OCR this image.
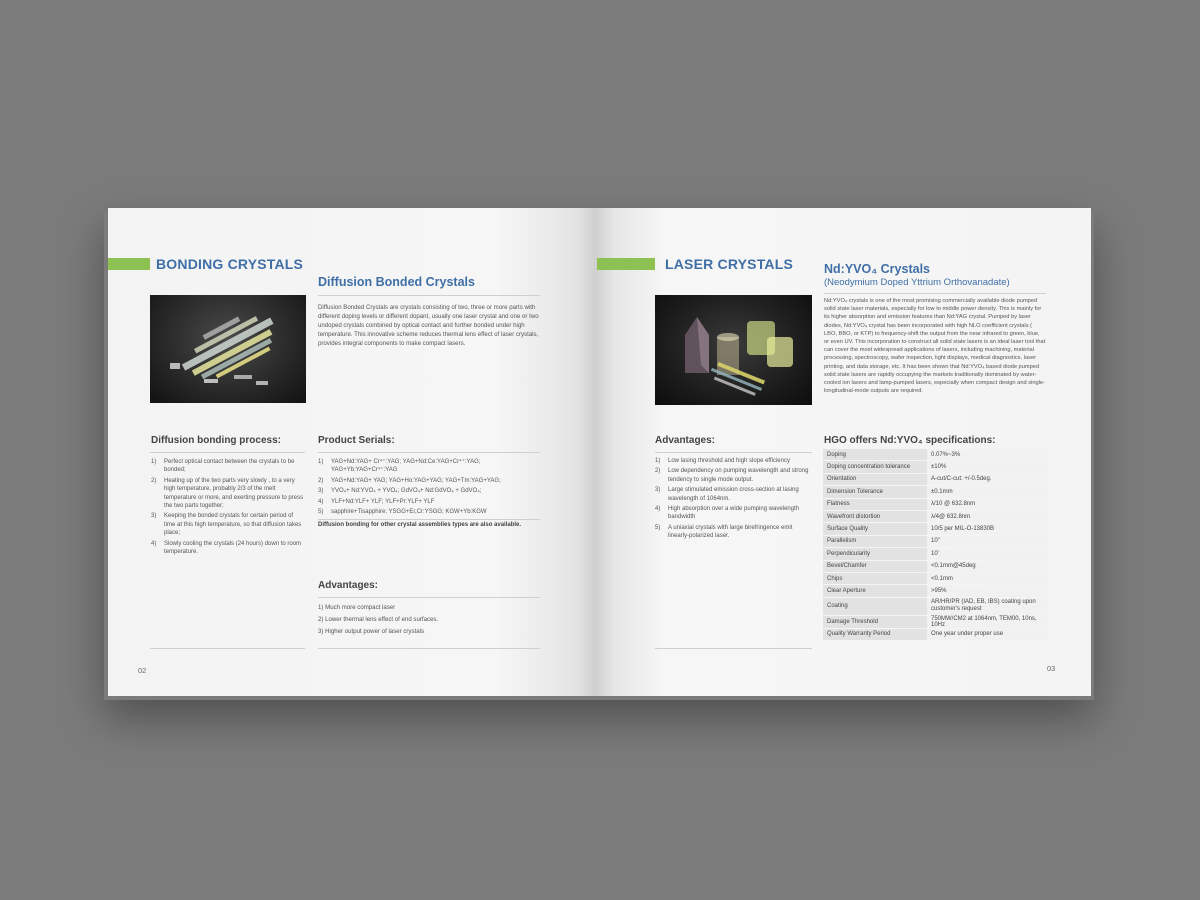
BONDING CRYSTALS
Diffusion Bonded Crystals
Diffusion Bonded Crystals are crystals consisting of two, three or more parts with different doping levels or different dopant, usually one laser crystal and one or two undoped crystals combined by optical contact and further bonded under high temperature. This innovative scheme reduces thermal lens effect of laser crystals, provides integral components to make compact lasers.
Diffusion bonding process:
1) Perfect optical contact between the crystals to be bonded;
2) Heating up of the two parts very slowly , to a very high temperature, probably 2/3 of the melt temperature or more, and exerting pressure to press the two parts together;
3) Keeping the bonded crystals for certain period of time at this high temperature, so that diffusion takes place;
4) Slowly cooling the crystals (24 hours) down to room temperature.
Product Serials:
1) YAG+Nd:YAG+ Cr⁴⁺:YAG; YAG+Nd:Ce:YAG+Cr⁴⁺:YAG; YAG+Yb:YAG+Cr⁴⁺:YAG
2) YAG+Nd:YAG+ YAG; YAG+Ho:YAG+YAG; YAG+Tm:YAG+YAG;
3) YVO₄+ Nd:YVO₄ + YVO₄; GdVO₄+ Nd:GdVO₄ + GdVO₄;
4) YLF+Nd:YLF+ YLF; YLF+Pr:YLF+ YLF
5) sapphire+Tisapphire; YSGG+Er,Cr:YSGG; KGW+Yb:KGW
Diffusion bonding for other crystal assemblies types are also available.
Advantages:
1) Much more compact laser
2) Lower thermal lens effect of end surfaces.
3) Higher output power of laser crystals
02
LASER CRYSTALS Nd:YVO₄ Crystals
(Neodymium Doped Yttrium Orthovanadate)
Nd:YVO₄ crystals is one of the most promising commercially available diode pumped solid state laser materials, especially for low to middle power density. This is mainly for its higher absorption and emission features than Nd:YAG crystal. Pumped by laser diodes, Nd:YVO₄ crystal has been incorporated with high NLO coefficient crystals ( LBO, BBO, or KTP) to frequency-shift the output from the near infrared to green, blue, or even UV. This incorporation to construct all solid state lasers is an ideal laser tool that can cover the most widespread applications of lasers, including machining, material processing, spectroscopy, wafer inspection, light displays, medical diagnostics, laser printing, and data storage, etc. It has been shown that Nd:YVO₄ based diode pumped solid state lasers are rapidly occupying the markets traditionally dominated by water-cooled ion lasers and lamp-pumped lasers, especially when compact design and single-longitudinal-mode outputs are required.
Advantages:
1) Low lasing threshold and high slope efficiency
2) Low dependency on pumping wavelength and strong tendency to single mode output.
3) Large stimulated emission cross-section at lasing wavelength of 1064nm.
4) High absorption over a wide pumping wavelength bandwidth
5) A uniaxial crystals with large birefringence emit linearly-polarized laser.
HGO offers Nd:YVO₄ specifications:
Doping	0.07%~3%
Doping concentration tolerance	±10%
Orientation	A-cut/C-cut: +/-0.5deg.
Dimension Tolerance	±0.1mm
Flatness	λ/10 @ 632.8nm
Wavefront distortion	λ/4@ 632.8nm
Surface Quality	10/5 per MIL-O-13830B
Parallelism	10"
Perpendicularity	10'
Bevel/Chamfer	<0.1mm@45deg
Chips	<0.1mm
Clear Aperture	>95%
Coating	AR/HR/PR (IAD, EB, IBS) coating upon customer's request
Damage Threshold	750MW/CM2 at 1064nm, TEM00, 10ns, 10Hz
Quality Warranty Period	One year under proper use
03
